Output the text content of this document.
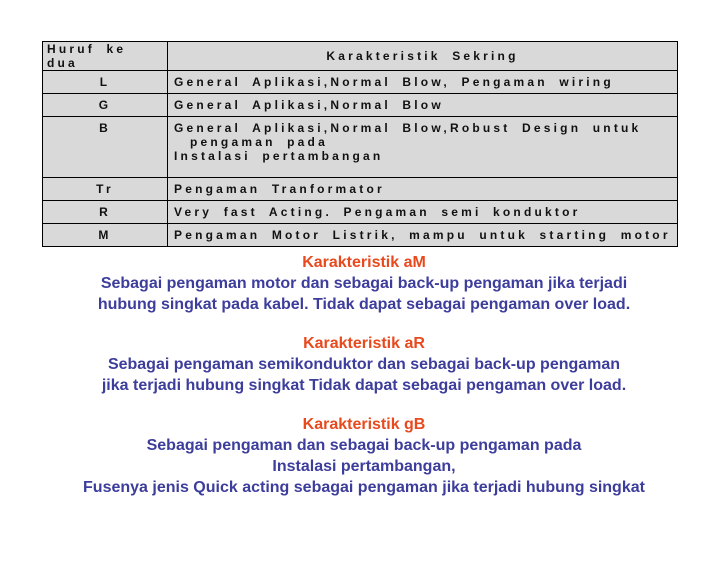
Huruf ke dua	Karakteristik Sekring
L	General Aplikasi,Normal Blow, Pengaman wiring

G	General Aplikasi,Normal Blow

B	General Aplikasi,Normal Blow,Robust Design untuk
pengaman pada
Instalasi pertambangan

Tr	Pengaman Tranformator

R	Very fast Acting. Pengaman semi konduktor

M	Pengaman Motor Listrik, mampu untuk starting motor

Karakteristik aM

Sebagai pengaman motor dan sebagai back-up pengaman jika terjadi

hubung singkat pada kabel. Tidak dapat sebagai pengaman over load.

Karakteristik aR

Sebagai pengaman semikonduktor dan sebagai back-up pengaman

jika terjadi hubung singkat Tidak dapat sebagai pengaman over load.

Karakteristik gB

Sebagai pengaman dan sebagai back-up pengaman pada

Instalasi pertambangan,

Fusenya jenis Quick acting sebagai pengaman jika terjadi hubung singkat
